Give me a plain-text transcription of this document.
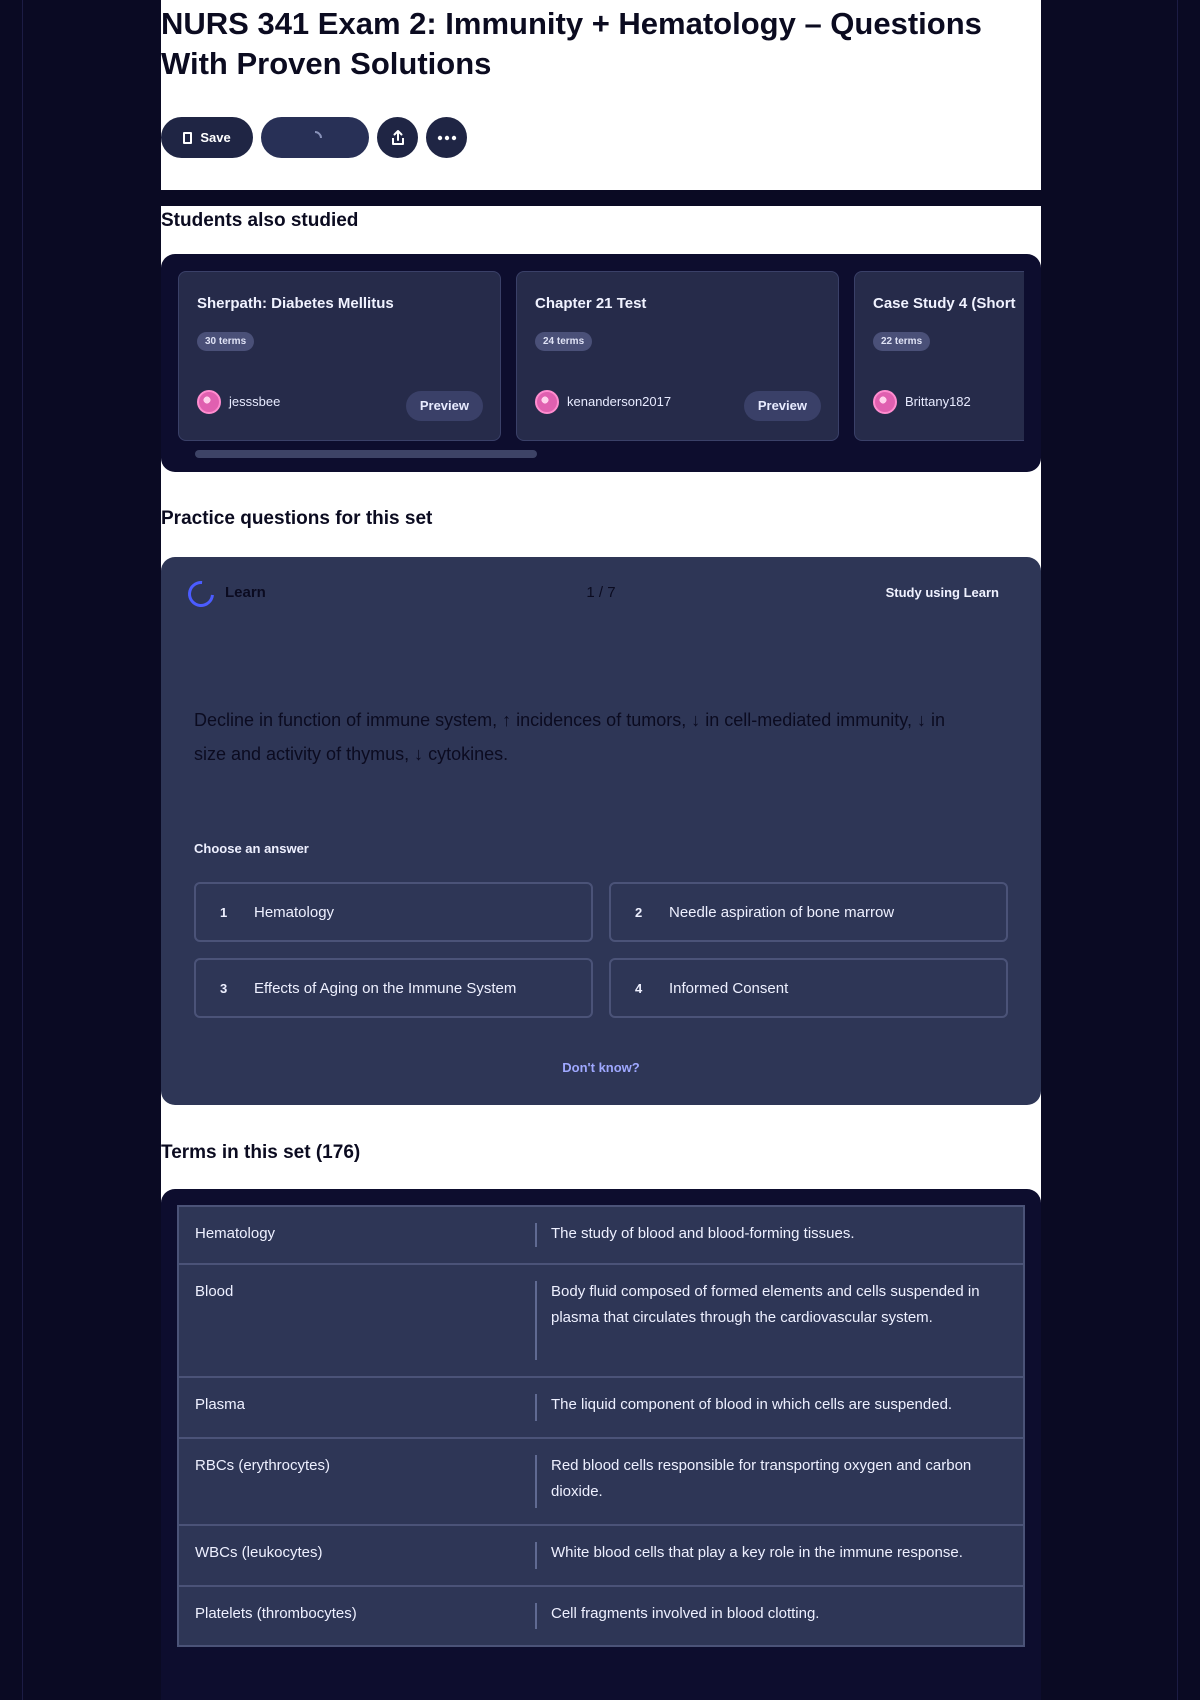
NURS 341 Exam 2: Immunity + Hematology – Questions With Proven Solutions
Save
Students also studied
Sherpath: Diabetes Mellitus
30 terms
jesssbee	Preview
Chapter 21 Test
24 terms
kenanderson2017	Preview
Case Study 4 (Short
22 terms
Brittany182
Practice questions for this set
Learn	1 / 7	Study using Learn
Decline in function of immune system, ↑ incidences of tumors, ↓ in cell-mediated immunity, ↓ in size and activity of thymus, ↓ cytokines.
Choose an answer
1	Hematology	2	Needle aspiration of bone marrow
3	Effects of Aging on the Immune System	4	Informed Consent
Don't know?
Terms in this set (176)
Hematology	The study of blood and blood-forming tissues.
Blood	Body fluid composed of formed elements and cells suspended in plasma that circulates through the cardiovascular system.
Plasma	The liquid component of blood in which cells are suspended.
RBCs (erythrocytes)	Red blood cells responsible for transporting oxygen and carbon dioxide.
WBCs (leukocytes)	White blood cells that play a key role in the immune response.
Platelets (thrombocytes)	Cell fragments involved in blood clotting.
